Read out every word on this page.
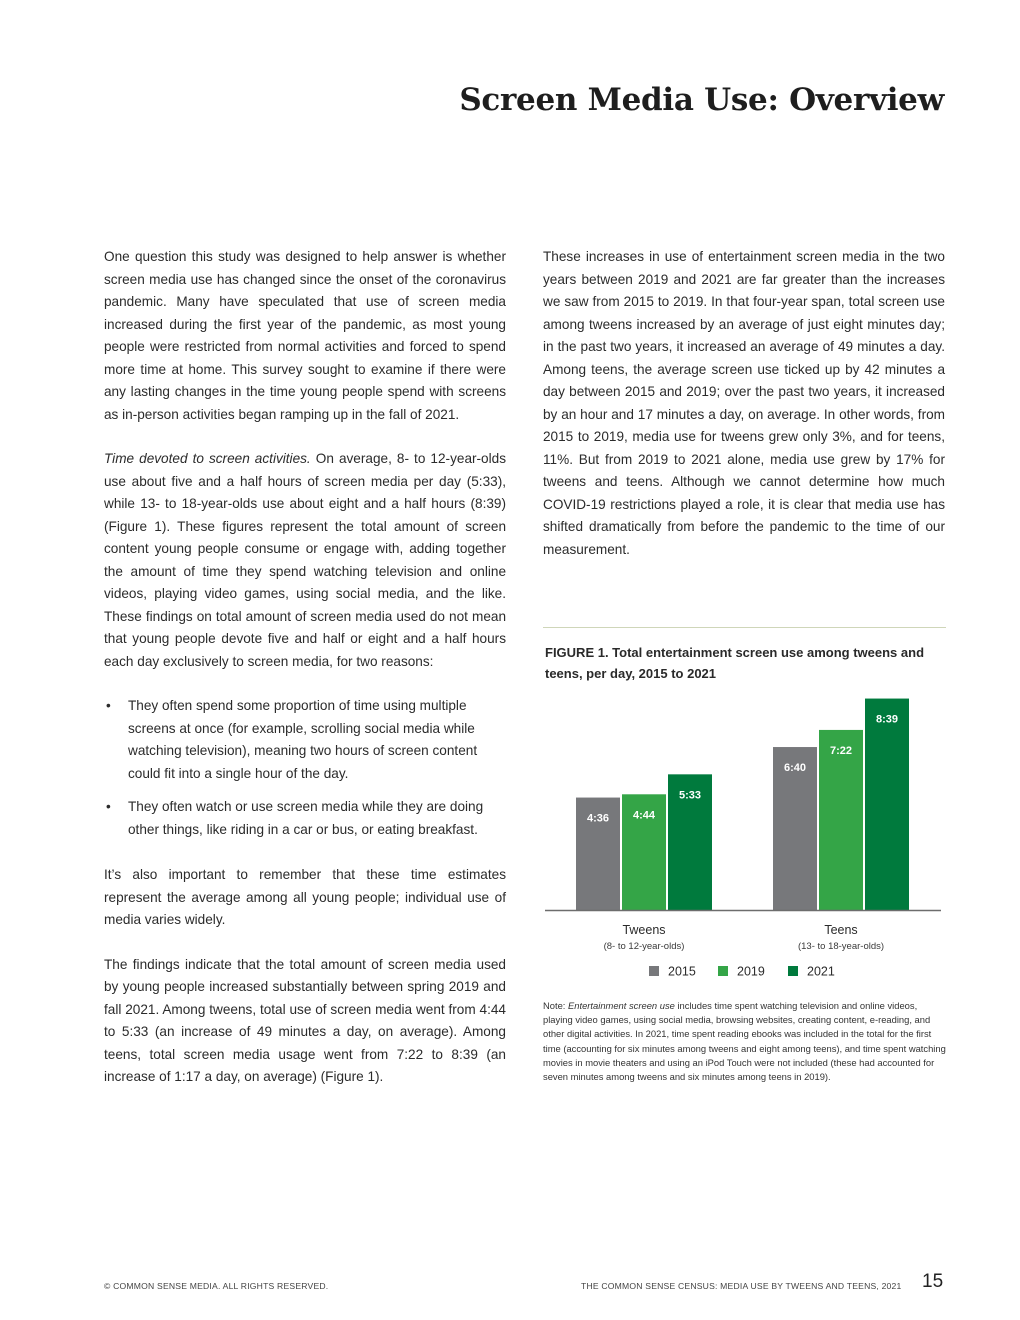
Screen Media Use: Overview

One question this study was designed to help answer is whether screen media use has changed since the onset of the coronavirus pandemic. Many have speculated that use of screen media increased during the first year of the pandemic, as most young people were restricted from normal activities and forced to spend more time at home. This survey sought to examine if there were any lasting changes in the time young people spend with screens as in-person activities began ramping up in the fall of 2021.

Time devoted to screen activities. On average, 8- to 12-year-olds use about five and a half hours of screen media per day (5:33), while 13- to 18-year-olds use about eight and a half hours (8:39) (Figure 1). These figures represent the total amount of screen content young people consume or engage with, adding together the amount of time they spend watching television and online videos, playing video games, using social media, and the like. These findings on total amount of screen media used do not mean that young people devote five and half or eight and a half hours each day exclusively to screen media, for two reasons:

• They often spend some proportion of time using multiple screens at once (for example, scrolling social media while watching television), meaning two hours of screen content could fit into a single hour of the day.
• They often watch or use screen media while they are doing other things, like riding in a car or bus, or eating breakfast.

It’s also important to remember that these time estimates represent the average among all young people; individual use of media varies widely.

The findings indicate that the total amount of screen media used by young people increased substantially between spring 2019 and fall 2021. Among tweens, total use of screen media went from 4:44 to 5:33 (an increase of 49 minutes a day, on average). Among teens, total screen media usage went from 7:22 to 8:39 (an increase of 1:17 a day, on average) (Figure 1).

These increases in use of entertainment screen media in the two years between 2019 and 2021 are far greater than the increases we saw from 2015 to 2019. In that four-year span, total screen use among tweens increased by an average of just eight minutes day; in the past two years, it increased an average of 49 minutes a day. Among teens, the average screen use ticked up by 42 minutes a day between 2015 and 2019; over the past two years, it increased by an hour and 17 minutes a day, on average. In other words, from 2015 to 2019, media use for tweens grew only 3%, and for teens, 11%. But from 2019 to 2021 alone, media use grew by 17% for tweens and teens. Although we cannot determine how much COVID-19 restrictions played a role, it is clear that media use has shifted dramatically from before the pandemic to the time of our measurement.

FIGURE 1. Total entertainment screen use among tweens and teens, per day, 2015 to 2021

4:36 4:44
5:33
Tweens
(8- to 12-year-olds)
6:40
7:22
8:39
Teens
(13- to 18-year-olds)
2015	2019	2021

Note: Entertainment screen use includes time spent watching television and online videos, playing video games, using social media, browsing websites, creating content, e-reading, and other digital activities. In 2021, time spent reading ebooks was included in the total for the first time (accounting for six minutes among tweens and eight among teens), and time spent watching movies in movie theaters and using an iPod Touch were not included (these had accounted for seven minutes among tweens and six minutes among teens in 2019).

© COMMON SENSE MEDIA. ALL RIGHTS RESERVED.	THE COMMON SENSE CENSUS: MEDIA USE BY TWEENS AND TEENS, 2021 15
